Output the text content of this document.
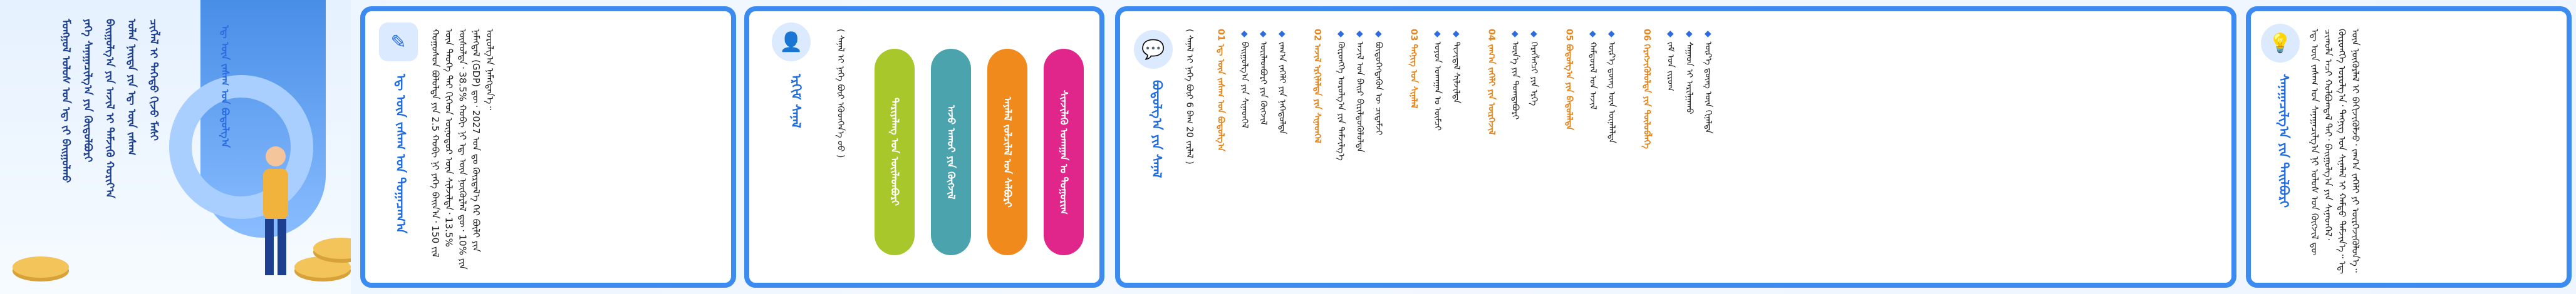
ᠮᠣᠩᠭᠣᠯ ᠤᠯᠤᠰ ᠤᠨ ᠡᠳ᠋ ᠵᠢ ᠪᠠᠢᠭᠤᠯᠬᠤ ᠶᠡᠬᠡ ᠰᠠᠨᠠᠭᠠᠴᠢᠯᠭ᠎ᠠ ᠶᠢᠨ ᠬᠥᠲᠦᠯᠪᠦᠷᠢ ᠪᠠᠢᠭᠤᠯᠭ᠎ᠠ ᠶᠢᠨ ᠠᠵᠢᠯ ᠢ ᠳᠡᠮᠵᠢᠬᠦ ᠬᠣᠷᠢᠶ᠎ᠠ ᠣᠯᠠᠨ ᠨᠡᠢᠲᠡ ᠶᠢᠨ ᠡᠳ᠋ ᠦᠨ ᠵᠠᠰᠠᠭ ᠴᠢᠭᠯᠡᠯ ᠢ ᠳᠡᠭᠡᠳᠦ ᠬᠢᠵᠦ ᠮᠠᠰᠢ	ᠡᠳ᠋ ᠦᠨ ᠵᠠᠰᠠᠭ ᠤᠨ ᠪᠣᠳᠣᠯᠭ᠎ᠠ	✎
ᠡᠳ᠋ ᠦᠨ ᠵᠠᠰᠠᠭ ᠤᠨ ᠲᠣᠭᠠᠴᠠᠭ᠎ᠠ	ᠬᠣᠭᠣᠰᠣᠨ ᠪᠣᠯᠣᠯᠲᠠ ᠶᠢᠨ 2.5 ᠬᠤᠪᠢ ᠨᠢ ᠶᠡᠬᠡ ᠪᠠᠢᠨ᠎ᠠ᠂ 150 ᠵᠢᠯ ᠦᠨ ᠲᠡᠦᠬᠡ ᠲᠠᠢ ᠬᠢᠭᠡᠳ ᠥᠨᠥᠳᠥᠷ ᠦᠨ ᠰᠢᠯᠵᠢᠯᠲᠡ᠂ 13.5% ᠦᠰᠦᠯᠲᠡ᠂ 38.5% ᠬᠤᠪᠢ ᠨᠢ ᠡᠳ᠋ ᠦᠨ ᠨᠥᠬᠥᠷᠯᠡᠯ ᠳᠦ᠂ 10% ᠶᠢᠨ ᠨᠡᠮᠡᠭᠳᠡᠯ (GDP) ᠳᠦ᠂ 2027 ᠣᠨ ᠳᠤ ᠬᠦᠷᠲᠡᠯ᠎ᠡ ᠭᠡᠷ ᠪᠦᠯᠢ ᠶᠢᠨ ᠣᠷᠣᠯᠭ᠎ᠠ ᠨᠡᠮᠡᠭᠳᠡᠨ᠎ᠡ᠃	👤
ᠡᠷᠬᠢᠮ ᠰᠠᠨᠠᠯ	( ᠰᠠᠨᠠᠯ ᠢ ᠨᠡᠭᠡ ᠪᠦᠷ ᠡᠭᠦᠳᠬᠡᠨ᠎ᠡ ᠦᠦ )	ᠲᠠᠷᠢᠶᠠᠯᠠᠩ ᠤᠨ ᠦᠢᠯᠡᠳᠪᠦᠷᠢ	ᠠᠵᠤ ᠠᠬᠤᠢ ᠶᠢᠨ ᠬᠥᠭᠵᠢᠯ	ᠠᠶᠠᠯᠠᠯ ᠵᠤᠯᠴᠢᠯᠠᠯ ᠤᠨ ᠰᠠᠯᠪᠤᠷᠢ	ᠰᠢᠨᠵᠢᠯᠡᠬᠦ ᠤᠬᠠᠭᠠᠨ ᠤ ᠲᠣᠭᠤᠷᠢᠭ
💬
ᠪᠤᠳᠣᠯᠭ᠎ᠠ ᠶᠢᠨ ᠰᠠᠨᠠᠯ	( ᠰᠠᠨᠠᠯ ᠢ ᠨᠡᠭᠡ ᠪᠦᠷ 6 ᠪᠠᠭ 20 ᠵᠠᠷᠯᠠᠯ )	01 ᠡᠳ᠋ ᠦᠨ ᠵᠠᠰᠠᠭ ᠤᠨ ᠪᠣᠳᠣᠯᠭ᠎ᠠ	◆ ᠪᠠᠢᠭᠤᠯᠭ᠎ᠠ ᠶᠢᠨ ᠰᠢᠨᠡᠳᠭᠡᠯ
◆ ᠦᠢᠯᠡᠳᠪᠦᠷᠢ ᠶᠢᠨ ᠬᠥᠭᠵᠢᠯ
◆ ᠵᠠᠬ᠎ᠠ ᠵᠡᠭᠡᠯᠢ ᠶᠢᠨ ᠨᠡᠭᠡᠳᠦᠯᠲᠡ	02 ᠠᠵᠢᠯ ᠡᠷᠬᠢᠯᠡᠯᠲᠡ ᠶᠢᠨ ᠰᠢᠨᠡᠳᠭᠡᠯ	◆ ᠬᠥᠷᠥᠩᠭᠡ ᠣᠷᠣᠯᠭ᠎ᠠ ᠶᠢᠨ ᠳᠡᠮᠵᠢᠯᠭ᠎ᠡ
◆ ᠠᠵᠢᠯ ᠤᠨ ᠪᠠᠢᠷ ᠪᠢᠷᠢᠯᠳᠦᠭᠦᠯᠦᠯᠲᠡ
◆ ᠪᠦᠲᠦᠭᠡᠭᠳᠡᠬᠦᠨ ᠦ ᠴᠢᠳᠠᠮᠵᠢ	03 ᠲᠡᠬᠨᠢᠭ ᠤᠨ ᠰᠢᠨᠡᠯᠡᠯ	◆ ᠣᠶᠤᠨ ᠤᠬᠠᠭᠠᠨ ᠤ ᠥᠮᠴᠢ
◆ ᠳᠢᠵᠢᠲᠠᠯ ᠰᠢᠯᠵᠢᠯᠲᠡ	04 ᠵᠠᠬ᠎ᠠ ᠵᠡᠭᠡᠯᠢ ᠶᠢᠨ ᠥᠷᠭᠡᠵᠢᠯ	◆ ᠦᠨ᠎ᠡ ᠶᠢᠨ ᠲᠣᠭᠲᠠᠪᠤᠷᠢ
◆ ᠬᠡᠷᠡᠭᠯᠡᠭᠴᠢ ᠶᠢᠨ ᠡᠷᠬᠡ	05 ᠪᠣᠳᠣᠯᠭ᠎ᠠ ᠶᠢᠨ ᠪᠠᠲᠤᠯᠠᠯᠲᠠ	◆ ᠬᠠᠮᠲᠤᠷᠠᠯ ᠤᠨ ᠠᠵᠢᠯ
◆ ᠦᠷ᠎ᠡ ᠳ᠋ᠦᠩ ᠦᠨ ᠦᠨᠡᠯᠡᠯᠲᠡ	06 ᠬᠡᠷᠡᠭᠵᠢᠭᠦᠯᠦᠯᠲᠡ ᠶᠢᠨ ᠲᠥᠯᠥᠪᠯᠡᠭᠡ	◆ ᠵᠠᠮ ᠤᠨ ᠵᠢᠷᠤᠭ
◆ ᠰᠠᠭᠠᠳ ᠢ ᠠᠷᠢᠯᠭᠠᠬᠤ
◆ ᠦᠷ᠎ᠡ ᠳ᠋ᠦᠩ ᠦᠨ ᠬᠢᠨᠠᠯᠲᠠ	💡
ᠰᠠᠨᠠᠭᠠᠴᠢᠯᠭ᠎ᠠ ᠶᠢᠨ ᠲᠠᠢᠯᠪᠤᠷᠢ	ᠡᠳ᠋ ᠦᠨ ᠵᠠᠰᠠᠭ ᠤᠨ ᠰᠠᠨᠠᠭᠠᠴᠢᠯᠭ᠎ᠠ ᠨᠢ ᠤᠯᠤᠰ ᠤᠨ ᠬᠥᠭᠵᠢᠯ ᠳᠦ ᠴᠢᠬᠤᠯᠠ ᠠᠴᠢ ᠬᠣᠯᠪᠣᠭᠳᠠᠯ ᠲᠠᠢ᠂ ᠪᠠᠢᠭᠤᠯᠭ᠎ᠠ ᠶᠢᠨ ᠰᠢᠨᠡᠳᠭᠡᠯ᠂ ᠬᠥᠷᠥᠩᠭᠡ ᠣᠷᠣᠯᠭ᠎ᠠ᠂ ᠲᠡᠬᠨᠢᠭ ᠤᠨ ᠰᠢᠨᠡᠯᠡᠯ ᠢ ᠬᠠᠮᠲᠤ ᠳᠡᠮᠵᠢᠨ᠎ᠡ᠃ ᠡᠳ᠋ ᠦᠨ ᠨᠥᠬᠥᠷᠯᠡᠯ ᠢ ᠪᠡᠬᠢᠵᠢᠭᠦᠯᠵᠦ᠂ ᠵᠠᠬ᠎ᠠ ᠵᠡᠭᠡᠯᠢ ᠶᠢ ᠥᠷᠭᠡᠵᠢᠭᠦᠯᠦᠨ᠎ᠡ᠃
